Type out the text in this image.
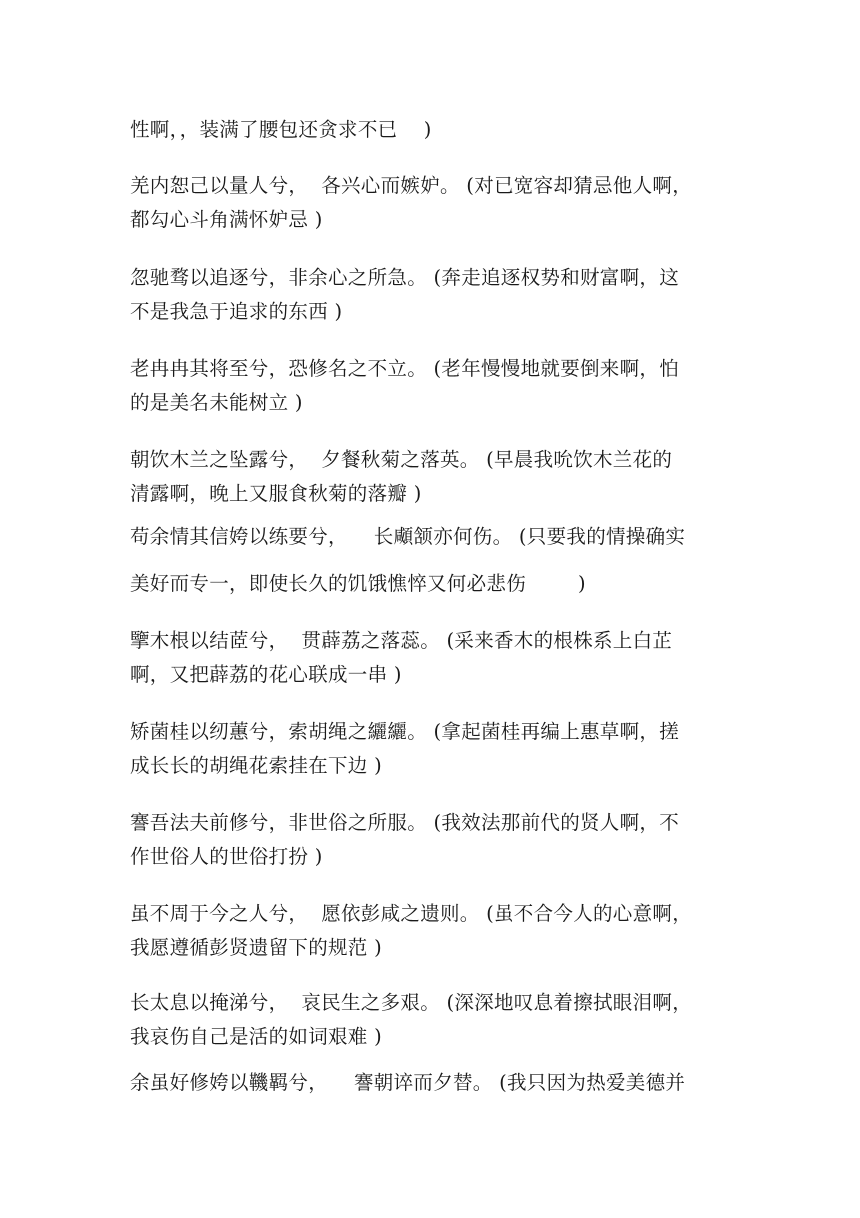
性啊，，装满了腰包还贪求不已　 )
羌内恕己以量人兮，  各兴心而嫉妒。 (对已宽容却猜忌他人啊，
都勾心斗角满怀妒忌 )
忽驰骛以追逐兮，非余心之所急。 (奔走追逐权势和财富啊，这
不是我急于追求的东西 )
老冉冉其将至兮，恐修名之不立。 (老年慢慢地就要倒来啊，怕
的是美名未能树立 )
朝饮木兰之坠露兮，  夕餐秋菊之落英。 (早晨我吮饮木兰花的
清露啊，晚上又服食秋菊的落瓣 )
苟余情其信姱以练要兮，    长顑颔亦何伤。 (只要我的情操确实
美好而专一，即使长久的饥饿憔悴又何必悲伤        )
擥木根以结茝兮，  贯薜荔之落蕊。 (采来香木的根株系上白芷
啊，又把薜荔的花心联成一串 )
矫菌桂以纫蕙兮，索胡绳之纚纚。 (拿起菌桂再编上惠草啊，搓
成长长的胡绳花索挂在下边 )
謇吾法夫前修兮，非世俗之所服。 (我效法那前代的贤人啊，不
作世俗人的世俗打扮 )
虽不周于今之人兮，  愿依彭咸之遗则。 (虽不合今人的心意啊，
我愿遵循彭贤遗留下的规范 )
长太息以掩涕兮，  哀民生之多艰。 (深深地叹息着擦拭眼泪啊，
我哀伤自己是活的如词艰难 )
余虽好修姱以鞿羁兮，    謇朝谇而夕替。 (我只因为热爱美德并
